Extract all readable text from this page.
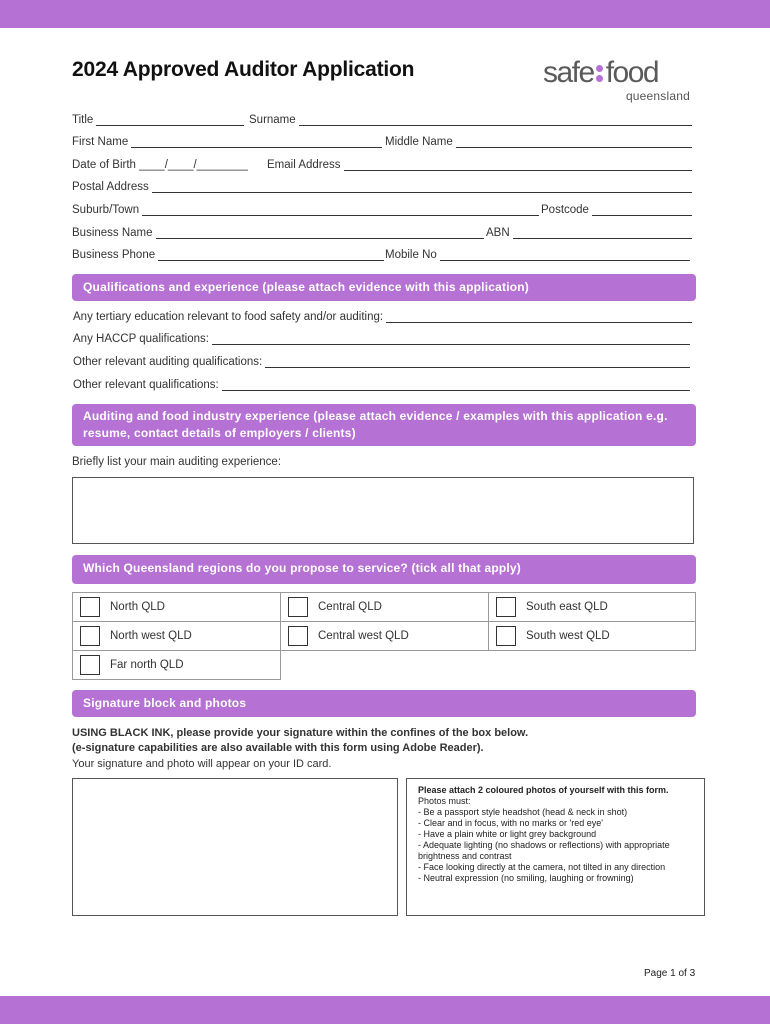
2024 Approved Auditor Application	safe food
queensland
Title	Surname
First Name	Middle Name
Date of Birth ____/____/________ Email Address
Postal Address
Suburb/Town	Postcode
Business Name	ABN
Business Phone	Mobile No
Qualifications and experience (please attach evidence with this application)
Any tertiary education relevant to food safety and/or auditing:
Any HACCP qualifications:
Other relevant auditing qualifications:
Other relevant qualifications:
Auditing and food industry experience (please attach evidence / examples with this application e.g.
resume, contact details of employers / clients)
Briefly list your main auditing experience:
Which Queensland regions do you propose to service? (tick all that apply)
North QLD	Central QLD	South east QLD
North west QLD	Central west QLD	South west QLD
Far north QLD
Signature block and photos
USING BLACK INK, please provide your signature within the confines of the box below.
(e-signature capabilities are also available with this form using Adobe Reader).
Your signature and photo will appear on your ID card.
Please attach 2 coloured photos of yourself with this form.
Photos must:
- Be a passport style headshot (head & neck in shot)
- Clear and in focus, with no marks or 'red eye'
- Have a plain white or light grey background
- Adequate lighting (no shadows or reflections) with appropriate brightness and contrast
- Face looking directly at the camera, not tilted in any direction
- Neutral expression (no smiling, laughing or frowning)
Page 1 of 3
